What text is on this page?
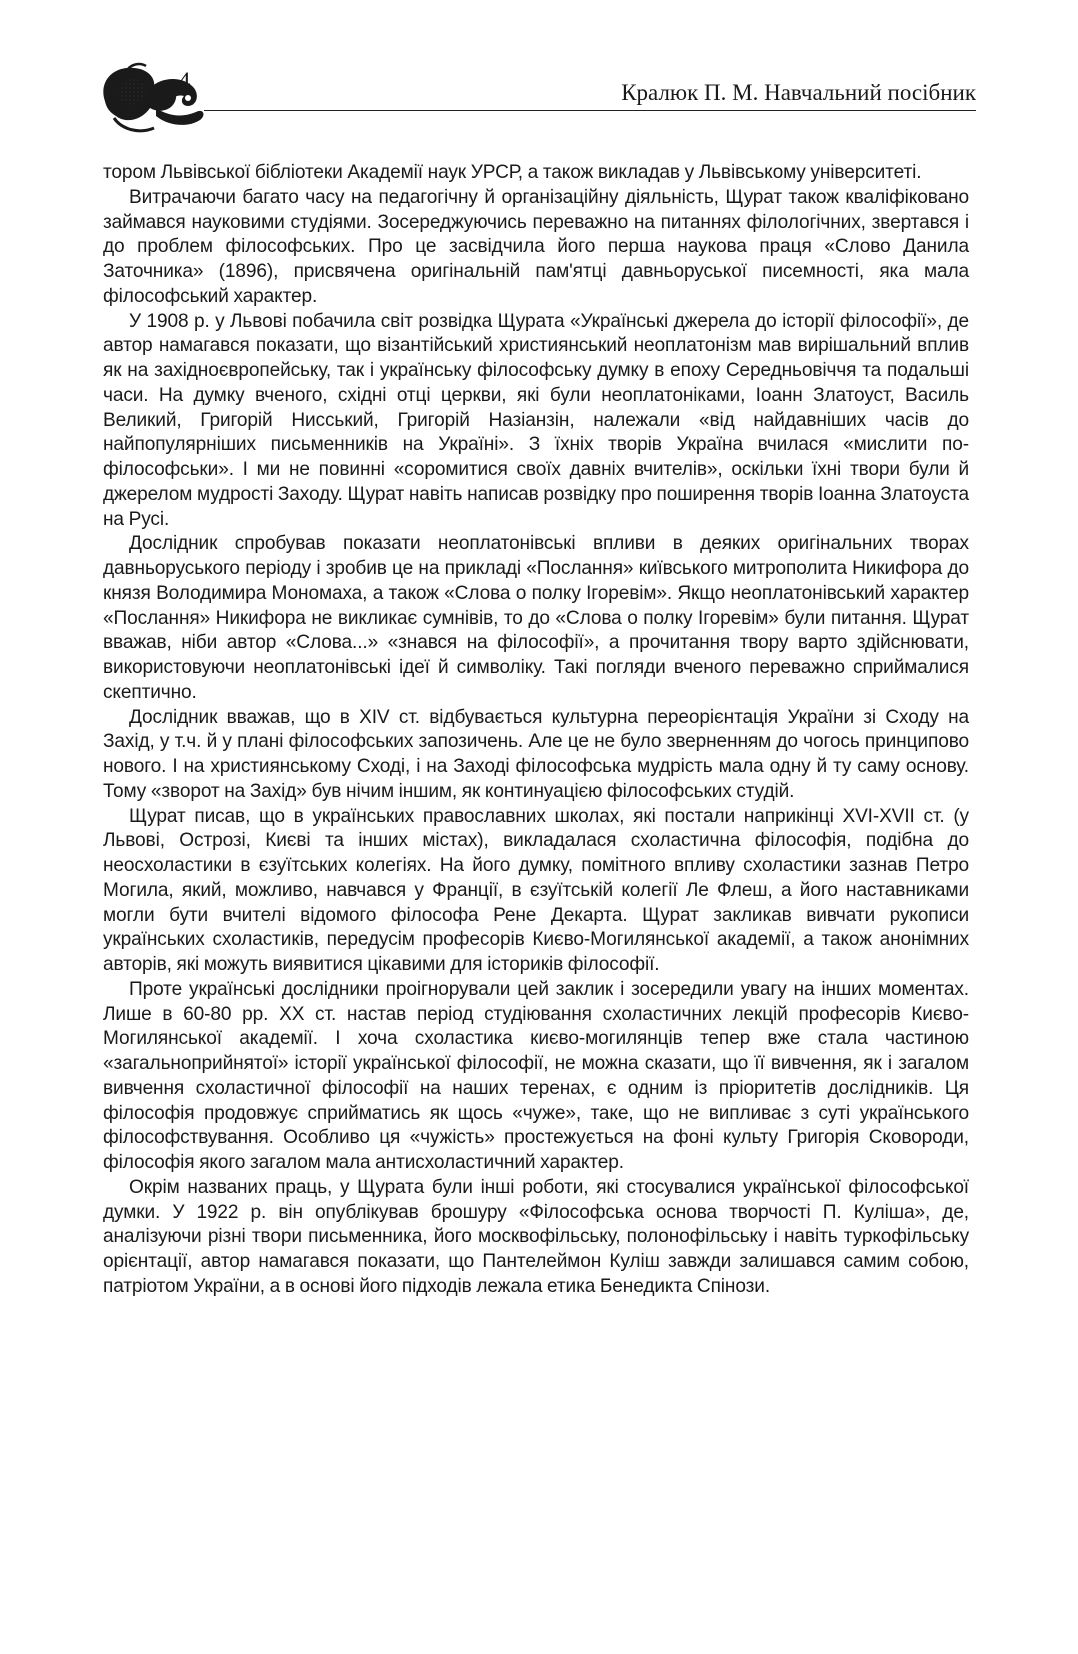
4	Кралюк П. М. Навчальний посібник

тором Львівської бібліотеки Академії наук УРСР, а також викладав у Львівському університеті.

Витрачаючи багато часу на педагогічну й організаційну діяльність, Щурат також кваліфіковано займався науковими студіями. Зосереджуючись переважно на питаннях філологічних, звертався і до проблем філософських. Про це засвідчила його перша наукова праця «Слово Данила Заточника» (1896), присвячена оригінальній пам'ятці давньоруської писемності, яка мала філософський характер.

У 1908 р. у Львові побачила світ розвідка Щурата «Українські джерела до історії філософії», де автор намагався показати, що візантійський християнський неоплатонізм мав вирішальний вплив як на західноєвропейську, так і українську філософську думку в епоху Середньовіччя та подальші часи. На думку вченого, східні отці церкви, які були неоплатоніками, Іоанн Златоуст, Василь Великий, Григорій Нисський, Григорій Назіанзін, належали «від найдавніших часів до найпопулярніших письменників на Україні». З їхніх творів Україна вчилася «мислити по-філософськи». І ми не повинні «соромитися своїх давніх вчителів», оскільки їхні твори були й джерелом мудрості Заходу. Щурат навіть написав розвідку про поширення творів Іоанна Златоуста на Русі.

Дослідник спробував показати неоплатонівські впливи в деяких оригінальних творах давньоруського періоду і зробив це на прикладі «Послання» київського митрополита Никифора до князя Володимира Мономаха, а також «Слова о полку Ігоревім». Якщо неоплатонівський характер «Послання» Никифора не викликає сумнівів, то до «Слова о полку Ігоревім» були питання. Щурат вважав, ніби автор «Слова...» «знався на філософії», а прочитання твору варто здійснювати, використовуючи неоплатонівські ідеї й символіку. Такі погляди вченого переважно сприймалися скептично.

Дослідник вважав, що в XIV ст. відбувається культурна переорієнтація України зі Сходу на Захід, у т.ч. й у плані філософських запозичень. Але це не було зверненням до чогось принципово нового. І на християнському Сході, і на Заході філософська мудрість мала одну й ту саму основу. Тому «зворот на Захід» був нічим іншим, як континуацією філософських студій.

Щурат писав, що в українських православних школах, які постали наприкінці XVI-XVII ст. (у Львові, Острозі, Києві та інших містах), викладалася схоластична філософія, подібна до неосхоластики в єзуїтських колегіях. На його думку, помітного впливу схоластики зазнав Петро Могила, який, можливо, навчався у Франції, в єзуїтській колегії Ле Флеш, а його наставниками могли бути вчителі відомого філософа Рене Декарта. Щурат закликав вивчати рукописи українських схоластиків, передусім професорів Києво-Могилянської академії, а також анонімних авторів, які можуть виявитися цікавими для істориків філософії.

Проте українські дослідники проігнорували цей заклик і зосередили увагу на інших моментах. Лише в 60-80 рр. XX ст. настав період студіювання схоластичних лекцій професорів Києво-Могилянської академії. І хоча схоластика києво-могилянців тепер вже стала частиною «загальноприйнятої» історії української філософії, не можна сказати, що її вивчення, як і загалом вивчення схоластичної філософії на наших теренах, є одним із пріоритетів дослідників. Ця філософія продовжує сприйматись як щось «чуже», таке, що не випливає з суті українського філософствування. Особливо ця «чужість» простежується на фоні культу Григорія Сковороди, філософія якого загалом мала антисхоластичний характер.

Окрім названих праць, у Щурата були інші роботи, які стосувалися української філософської думки. У 1922 р. він опублікував брошуру «Філософська основа творчості П. Куліша», де, аналізуючи різні твори письменника, його москвофільську, полонофільську і навіть туркофільську орієнтації, автор намагався показати, що Пантелеймон Куліш завжди залишався самим собою, патріотом України, а в основі його підходів лежала етика Бенедикта Спінози.
